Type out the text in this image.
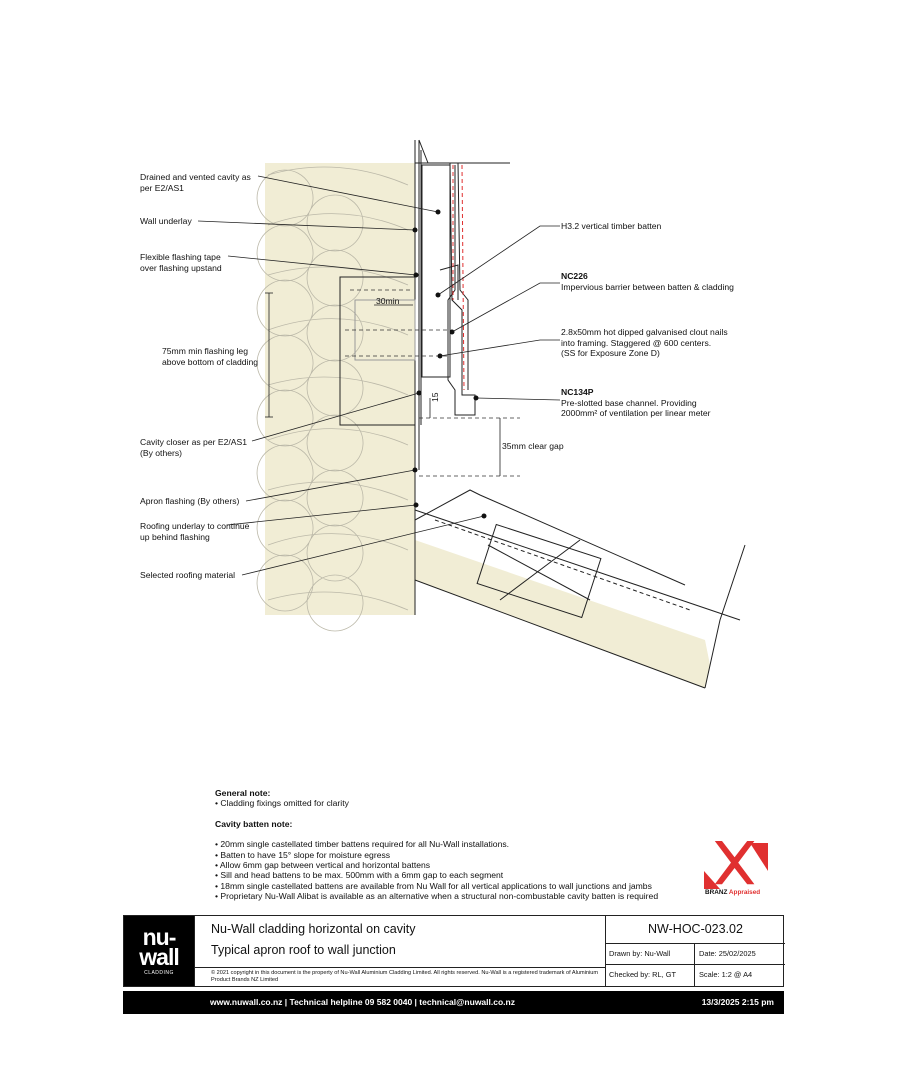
Drained and vented cavity as
per E2/AS1
Wall underlay
Flexible flashing tape
over flashing upstand
75mm min flashing leg
above bottom of cladding
Cavity closer as per E2/AS1
(By others)
Apron flashing (By others)
Roofing underlay to continue
up behind flashing
Selected roofing material
H3.2 vertical timber batten
NC226
Impervious barrier between batten & cladding
2.8x50mm hot dipped galvanised clout nails
into framing. Staggered @ 600 centers.
(SS for Exposure Zone D)
NC134P
Pre-slotted base channel. Providing
2000mm² of ventilation per linear meter
35mm clear gap
30min
15
General note:
• Cladding fixings omitted for clarity
Cavity batten note:
• 20mm single castellated timber battens required for all Nu-Wall installations.
• Batten to have 15° slope for moisture egress
• Allow 6mm gap between vertical and horizontal battens
• Sill and head battens to be max. 500mm with a 6mm gap to each segment
• 18mm single castellated battens are available from Nu Wall for all vertical applications to wall junctions and jambs
• Proprietary Nu-Wall Alibat is available as an alternative when a structural non-combustable cavity batten is required	BRANZ Appraised
nu-
wall
CLADDING
Nu-Wall cladding horizontal on cavity
Typical apron roof to wall junction
© 2021 copyright in this document is the property of Nu-Wall Aluminium Cladding Limited. All rights reserved. Nu-Wall is a registered trademark of Aluminium Product Brands NZ Limited
NW-HOC-023.02
Drawn by: Nu-Wall	Date: 25/02/2025
Checked by: RL, GT	Scale: 1:2 @ A4
www.nuwall.co.nz | Technical helpline 09 582 0040 | technical@nuwall.co.nz	13/3/2025 2:15 pm
